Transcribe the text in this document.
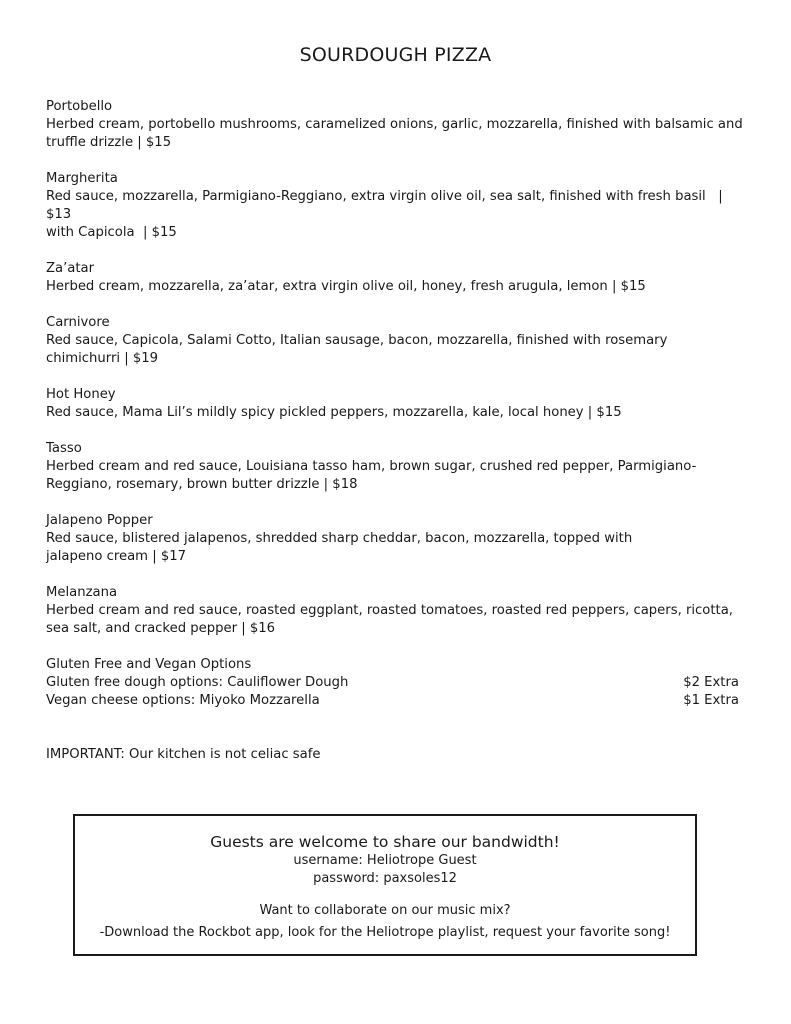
SOURDOUGH PIZZA
Portobello
Herbed cream, portobello mushrooms, caramelized onions, garlic, mozzarella, finished with balsamic and truffle drizzle | $15
Margherita
Red sauce, mozzarella, Parmigiano-Reggiano, extra virgin olive oil, sea salt, finished with fresh basil   | $13
with Capicola  | $15
Za’atar
Herbed cream, mozzarella, za’atar, extra virgin olive oil, honey, fresh arugula, lemon | $15
Carnivore
Red sauce, Capicola, Salami Cotto, Italian sausage, bacon, mozzarella, finished with rosemary
chimichurri | $19
Hot Honey
Red sauce, Mama Lil’s mildly spicy pickled peppers, mozzarella, kale, local honey | $15
Tasso
Herbed cream and red sauce, Louisiana tasso ham, brown sugar, crushed red pepper, Parmigiano-Reggiano, rosemary, brown butter drizzle | $18
Jalapeno Popper
Red sauce, blistered jalapenos, shredded sharp cheddar, bacon, mozzarella, topped with
jalapeno cream | $17
Melanzana
Herbed cream and red sauce, roasted eggplant, roasted tomatoes, roasted red peppers, capers, ricotta, sea salt, and cracked pepper | $16
Gluten Free and Vegan Options
Gluten free dough options: Cauliflower Dough	$2 Extra
Vegan cheese options: Miyoko Mozzarella	$1 Extra
IMPORTANT: Our kitchen is not celiac safe
Guests are welcome to share our bandwidth!
username: Heliotrope Guest
password: paxsoles12
Want to collaborate on our music mix?
-Download the Rockbot app, look for the Heliotrope playlist, request your favorite song!
